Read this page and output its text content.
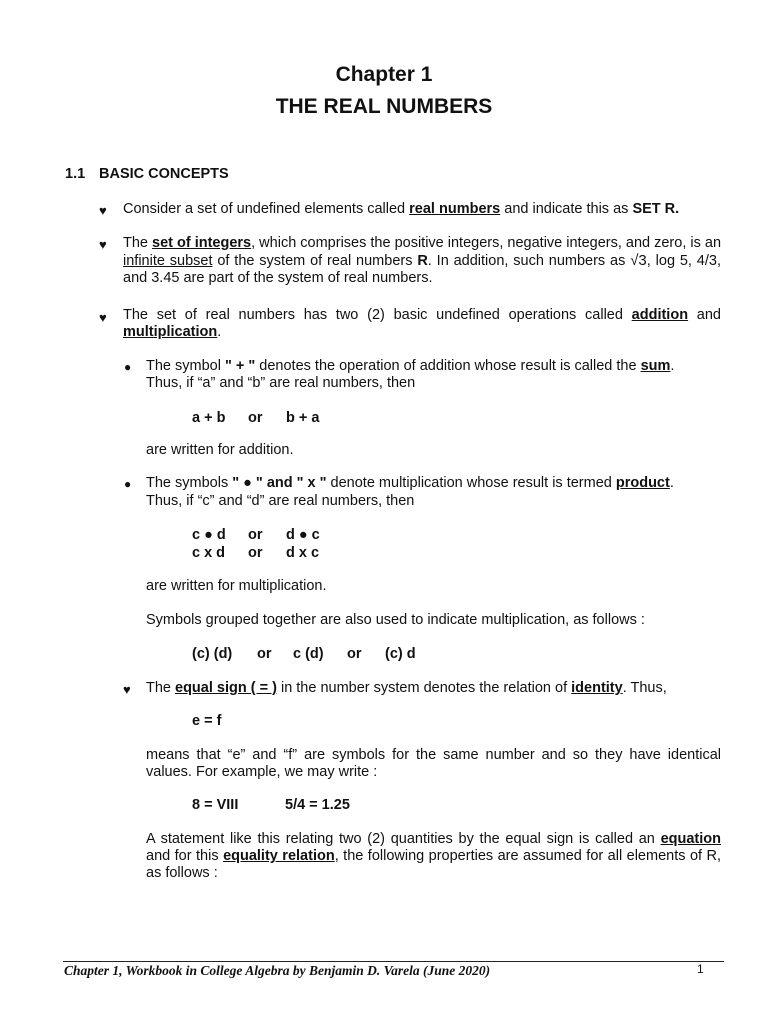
Chapter 1
THE REAL NUMBERS
1.1 BASIC CONCEPTS
♥ Consider a set of undefined elements called real numbers and indicate this as SET R.
♥ The set of integers, which comprises the positive integers, negative integers, and zero, is an infinite subset of the system of real numbers R. In addition, such numbers as √3, log 5, 4/3, and 3.45 are part of the system of real numbers.
♥ The set of real numbers has two (2) basic undefined operations called addition and multiplication.
● The symbol " + " denotes the operation of addition whose result is called the sum.
Thus, if “a” and “b” are real numbers, then
a + b or b + a
are written for addition.
● The symbols " ● " and " x " denote multiplication whose result is termed product.
Thus, if “c” and “d” are real numbers, then
c ● d or d ● c
c x d or d x c
are written for multiplication.
Symbols grouped together are also used to indicate multiplication, as follows :
(c) (d) or c (d) or (c) d
♥ The equal sign ( = ) in the number system denotes the relation of identity. Thus,
e = f
means that “e” and “f” are symbols for the same number and so they have identical values. For example, we may write :
8 = VIII	5/4 = 1.25
A statement like this relating two (2) quantities by the equal sign is called an equation and for this equality relation, the following properties are assumed for all elements of R, as follows :
Chapter 1, Workbook in College Algebra by Benjamin D. Varela (June 2020)	1
